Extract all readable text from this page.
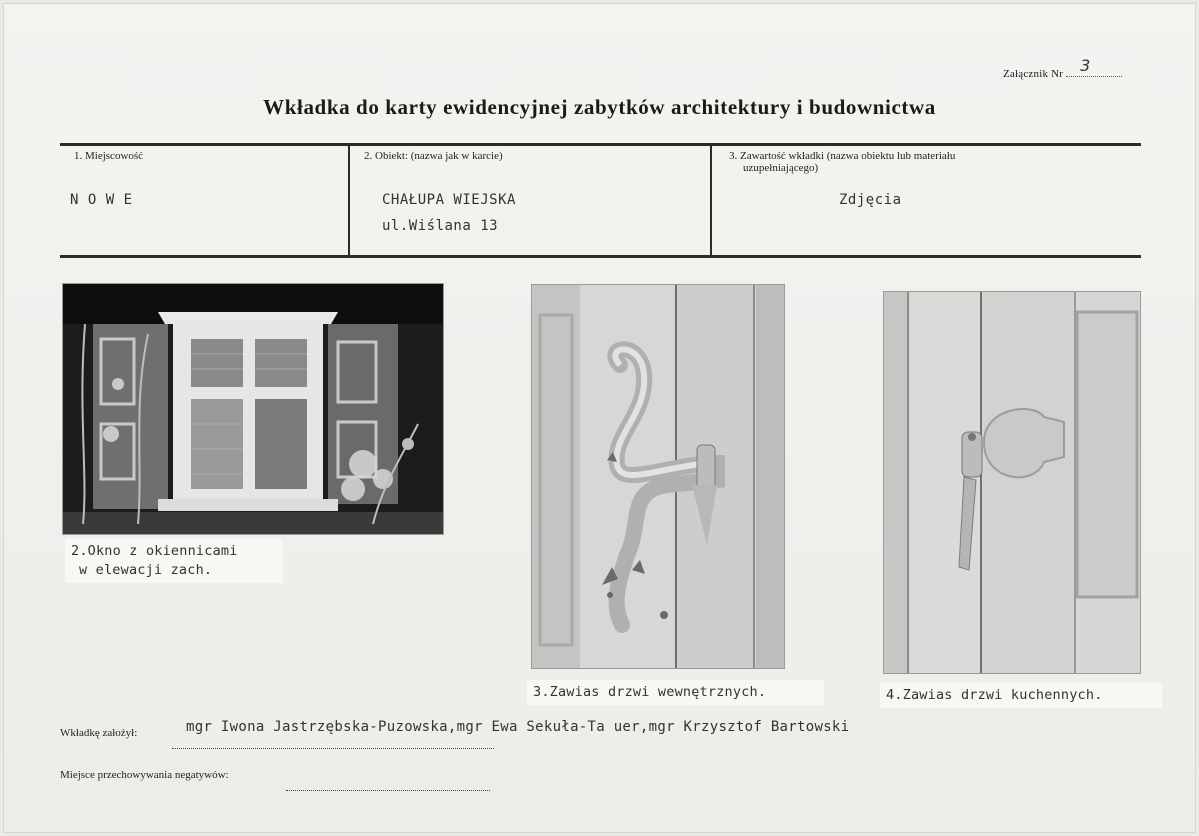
Załącznik Nr 3
Wkładka do karty ewidencyjnej zabytków architektury i budownictwa
1. Miejscowość
N O W E
2. Obiekt: (nazwa jak w karcie)
CHAŁUPA WIEJSKA
ul.Wiślana 13
3. Zawartość wkładki (nazwa obiektu lub materiału
uzupełniającego)
Zdjęcia
2.Okno z okiennicami
w elewacji zach.
3.Zawias drzwi wewnętrznych.	4.Zawias drzwi kuchennych.
Wkładkę założył:	mgr Iwona Jastrzębska-Puzowska,mgr Ewa Sekuła-Ta uer,mgr Krzysztof Bartowski
Miejsce przechowywania negatywów:
